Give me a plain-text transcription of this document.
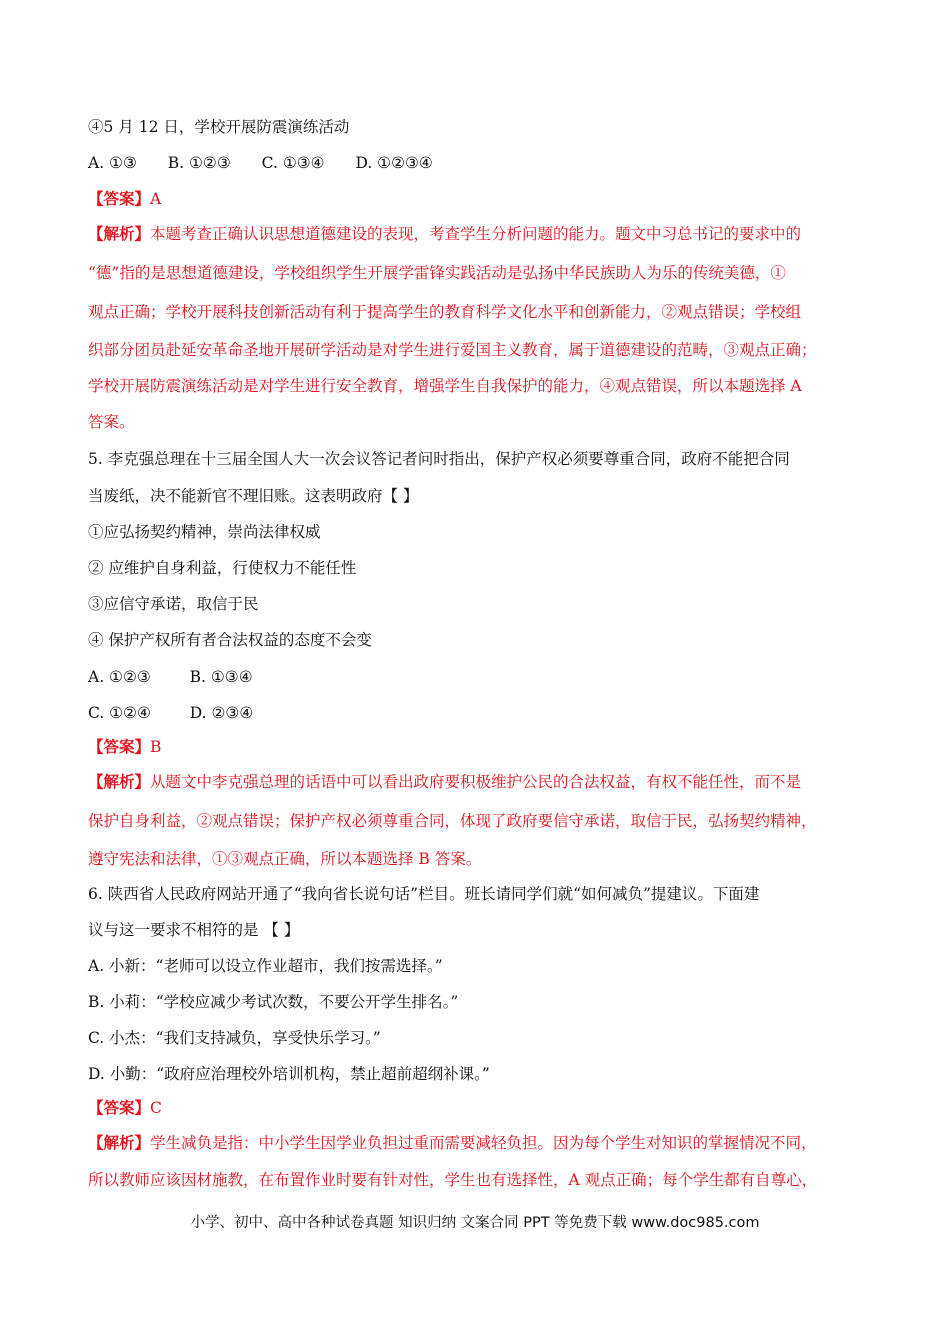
④5 月 12 日，学校开展防震演练活动
A. ①③ B. ①②③ C. ①③④ D. ①②③④
【答案】A
【解析】本题考查正确认识思想道德建设的表现，考查学生分析问题的能力。题文中习总书记的要求中的
“德”指的是思想道德建设，学校组织学生开展学雷锋实践活动是弘扬中华民族助人为乐的传统美德，①
观点正确；学校开展科技创新活动有利于提高学生的教育科学文化水平和创新能力，②观点错误；学校组
织部分团员赴延安革命圣地开展研学活动是对学生进行爱国主义教育，属于道德建设的范畴，③观点正确；
学校开展防震演练活动是对学生进行安全教育，增强学生自我保护的能力，④观点错误，所以本题选择 A
答案。
5. 李克强总理在十三届全国人大一次会议答记者问时指出，保护产权必须要尊重合同，政府不能把合同
当废纸，决不能新官不理旧账。这表明政府【 】
①应弘扬契约精神，崇尚法律权威
② 应维护自身利益，行使权力不能任性
③应信守承诺，取信于民
④ 保护产权所有者合法权益的态度不会变
A. ①②③	B. ①③④
C. ①②④	D. ②③④
【答案】B
【解析】从题文中李克强总理的话语中可以看出政府要积极维护公民的合法权益，有权不能任性，而不是
保护自身利益，②观点错误；保护产权必须尊重合同，体现了政府要信守承诺，取信于民，弘扬契约精神，
遵守宪法和法律，①③观点正确，所以本题选择 B 答案。
6. 陕西省人民政府网站开通了“我向省长说句话”栏目。班长请同学们就“如何减负”提建议。下面建
议与这一要求不相符的是 【 】
A. 小新：“老师可以设立作业超市，我们按需选择。”
B. 小莉：“学校应减少考试次数，不要公开学生排名。”
C. 小杰：“我们支持减负，享受快乐学习。”
D. 小勤：“政府应治理校外培训机构，禁止超前超纲补课。”
【答案】C
【解析】学生减负是指：中小学生因学业负担过重而需要减轻负担。因为每个学生对知识的掌握情况不同，
所以教师应该因材施教，在布置作业时要有针对性，学生也有选择性，A 观点正确；每个学生都有自尊心，
小学、初中、高中各种试卷真题 知识归纳 文案合同 PPT 等免费下载 www.doc985.com
